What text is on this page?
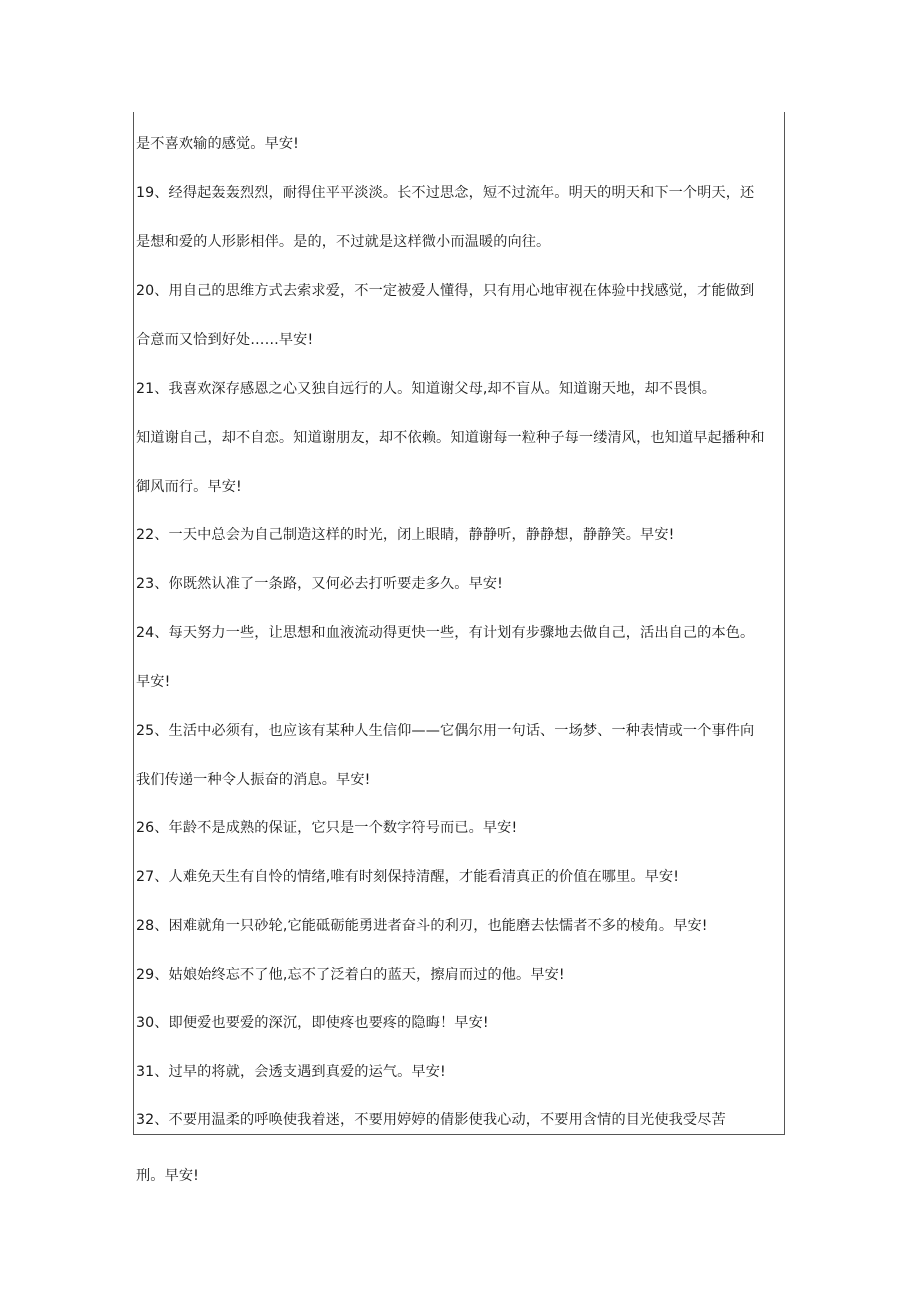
是不喜欢输的感觉。早安!
19、经得起轰轰烈烈，耐得住平平淡淡。长不过思念，短不过流年。明天的明天和下一个明天，还
是想和爱的人形影相伴。是的，不过就是这样微小而温暖的向往。
20、用自己的思维方式去索求爱，不一定被爱人懂得，只有用心地审视在体验中找感觉，才能做到
合意而又恰到好处……早安!
21、我喜欢深存感恩之心又独自远行的人。知道谢父母,却不盲从。知道谢天地，却不畏惧。
知道谢自己，却不自恋。知道谢朋友，却不依赖。知道谢每一粒种子每一缕清风，也知道早起播种和
御风而行。早安!
22、一天中总会为自己制造这样的时光，闭上眼睛，静静听，静静想，静静笑。早安!
23、你既然认准了一条路，又何必去打听要走多久。早安!
24、每天努力一些，让思想和血液流动得更快一些，有计划有步骤地去做自己，活出自己的本色。
早安!
25、生活中必须有，也应该有某种人生信仰——它偶尔用一句话、一场梦、一种表情或一个事件向
我们传递一种令人振奋的消息。早安!
26、年龄不是成熟的保证，它只是一个数字符号而已。早安!
27、人难免天生有自怜的情绪,唯有时刻保持清醒，才能看清真正的价值在哪里。早安!
28、困难就角一只砂轮,它能砥砺能勇进者奋斗的利刃，也能磨去怯懦者不多的棱角。早安!
29、姑娘始终忘不了他,忘不了泛着白的蓝天，擦肩而过的他。早安!
30、即便爱也要爱的深沉，即使疼也要疼的隐晦！早安!
31、过早的将就，会透支遇到真爱的运气。早安!
32、不要用温柔的呼唤使我着迷，不要用婷婷的倩影使我心动，不要用含情的目光使我受尽苦
刑。早安!
